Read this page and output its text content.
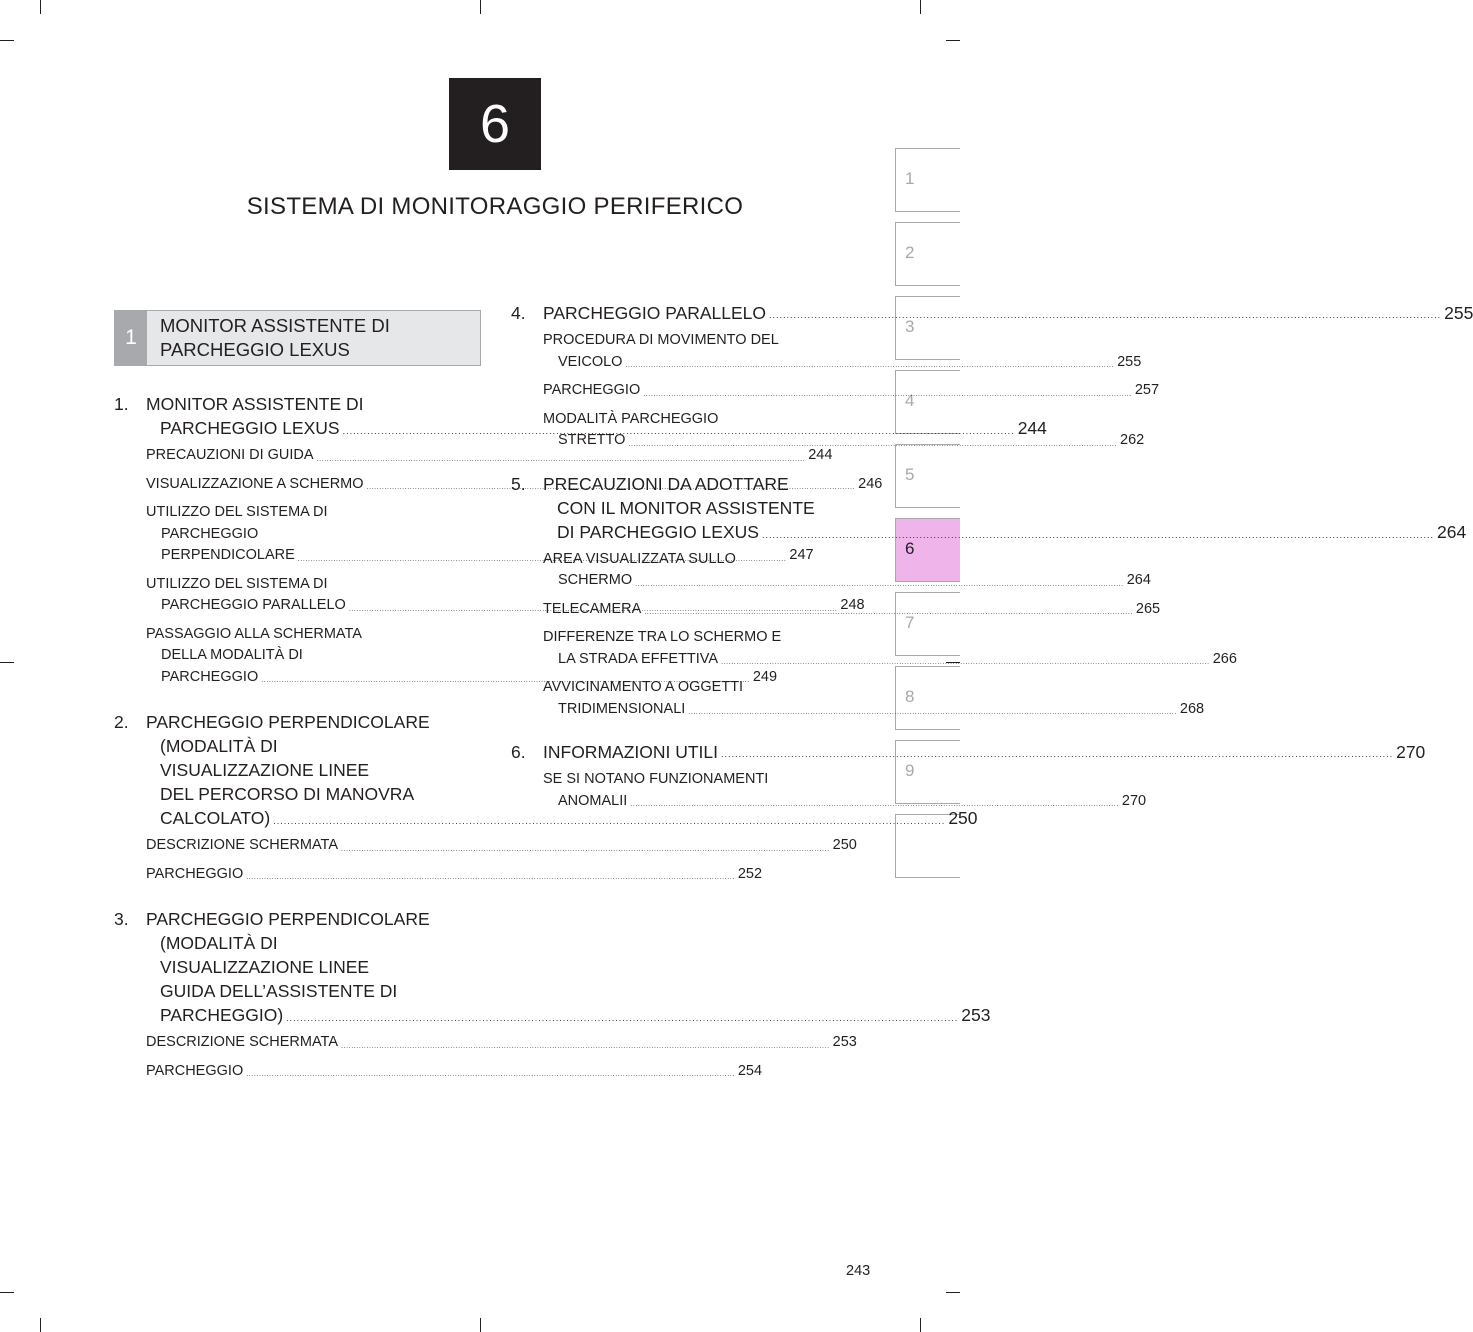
6
SISTEMA DI MONITORAGGIO PERIFERICO
1
2
3
4
5
6
7
8
9
1
MONITOR ASSISTENTE DI
PARCHEGGIO LEXUS
1. MONITOR ASSISTENTE DI
PARCHEGGIO LEXUS .....	244
PRECAUZIONI DI GUIDA .....	244
VISUALIZZAZIONE A SCHERMO .....	246
UTILIZZO DEL SISTEMA DI
PARCHEGGIO
PERPENDICOLARE .....	247
UTILIZZO DEL SISTEMA DI
PARCHEGGIO PARALLELO .....	248
PASSAGGIO ALLA SCHERMATA
DELLA MODALITÀ DI
PARCHEGGIO .....	249
2. PARCHEGGIO PERPENDICOLARE
(MODALITÀ DI
VISUALIZZAZIONE LINEE
DEL PERCORSO DI MANOVRA
CALCOLATO) .....	250
DESCRIZIONE SCHERMATA .....	250
PARCHEGGIO .....	252
3. PARCHEGGIO PERPENDICOLARE
(MODALITÀ DI
VISUALIZZAZIONE LINEE
GUIDA DELL’ASSISTENTE DI
PARCHEGGIO) .....	253
DESCRIZIONE SCHERMATA .....	253
PARCHEGGIO .....	254
4. PARCHEGGIO PARALLELO .....	255
PROCEDURA DI MOVIMENTO DEL
VEICOLO .....	255
PARCHEGGIO .....	257
MODALITÀ PARCHEGGIO
STRETTO .....	262
5. PRECAUZIONI DA ADOTTARE
CON IL MONITOR ASSISTENTE
DI PARCHEGGIO LEXUS .....	264
AREA VISUALIZZATA SULLO
SCHERMO .....	264
TELECAMERA .....	265
DIFFERENZE TRA LO SCHERMO E
LA STRADA EFFETTIVA .....	266
AVVICINAMENTO A OGGETTI
TRIDIMENSIONALI .....	268
6. INFORMAZIONI UTILI .....	270
SE SI NOTANO FUNZIONAMENTI
ANOMALII .....	270
243
